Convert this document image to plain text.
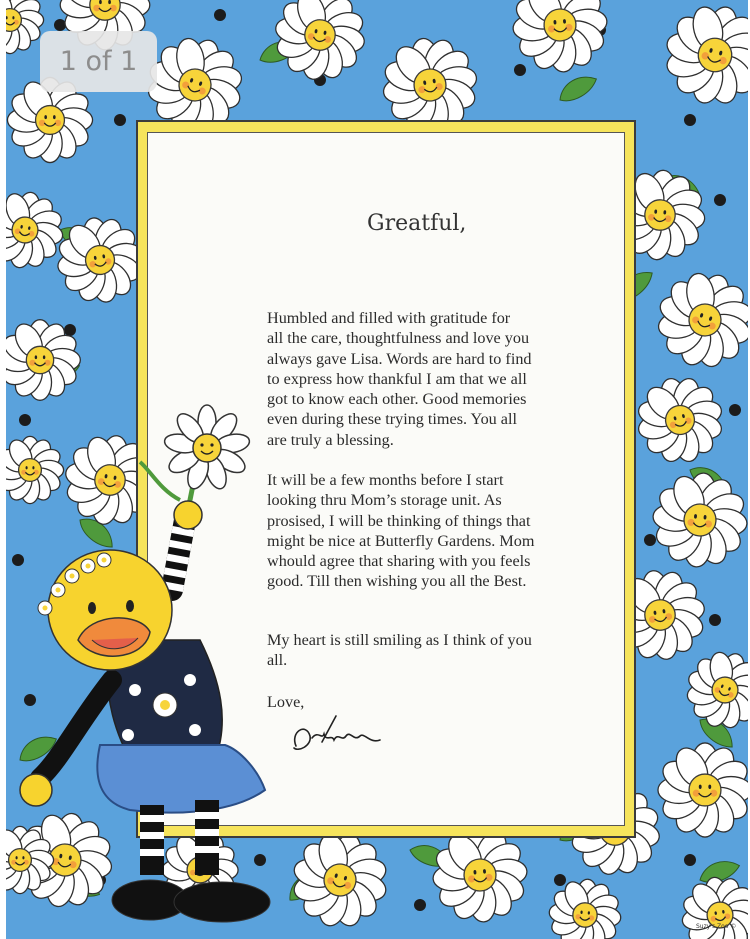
Suzy's Zoo ©

Greatful,

Humbled and filled with gratitude for
all the care, thoughtfulness and love you
always gave Lisa. Words are hard to find
to express how thankful I am that we all
got to know each other. Good memories
even during these trying times. You all
are truly a blessing.

It will be a few months before I start
looking thru Mom’s storage unit. As
prosised, I will be thinking of things that
might be nice at Butterfly Gardens. Mom
whould agree that sharing with you feels
good. Till then wishing you all the Best.

My heart is still smiling as I think of you
all.

Love,

1 of 1
